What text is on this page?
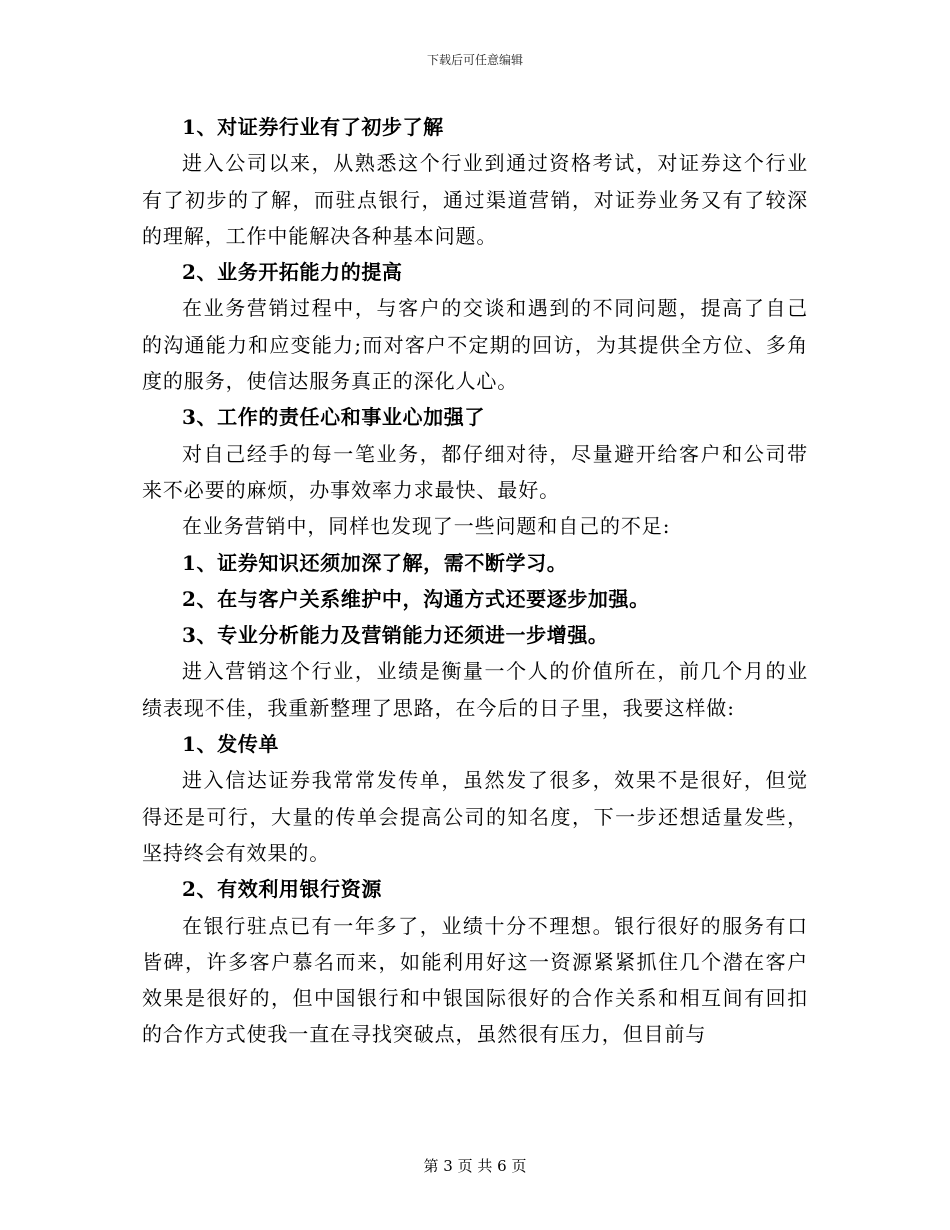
下载后可任意编辑

1、对证券行业有了初步了解

进入公司以来，从熟悉这个行业到通过资格考试，对证券这个行业有了初步的了解，而驻点银行，通过渠道营销，对证券业务又有了较深的理解，工作中能解决各种基本问题。

2、业务开拓能力的提高

在业务营销过程中，与客户的交谈和遇到的不同问题，提高了自己的沟通能力和应变能力;而对客户不定期的回访，为其提供全方位、多角度的服务，使信达服务真正的深化人心。

3、工作的责任心和事业心加强了

对自己经手的每一笔业务，都仔细对待，尽量避开给客户和公司带来不必要的麻烦，办事效率力求最快、最好。

在业务营销中，同样也发现了一些问题和自己的不足:

1、证券知识还须加深了解，需不断学习。

2、在与客户关系维护中，沟通方式还要逐步加强。

3、专业分析能力及营销能力还须进一步增强。

进入营销这个行业，业绩是衡量一个人的价值所在，前几个月的业绩表现不佳，我重新整理了思路，在今后的日子里，我要这样做:

1、发传单

进入信达证券我常常发传单，虽然发了很多，效果不是很好，但觉得还是可行，大量的传单会提高公司的知名度，下一步还想适量发些，坚持终会有效果的。

2、有效利用银行资源

在银行驻点已有一年多了，业绩十分不理想。银行很好的服务有口皆碑，许多客户慕名而来，如能利用好这一资源紧紧抓住几个潜在客户效果是很好的，但中国银行和中银国际很好的合作关系和相互间有回扣的合作方式使我一直在寻找突破点，虽然很有压力，但目前与

第 3 页 共 6 页
